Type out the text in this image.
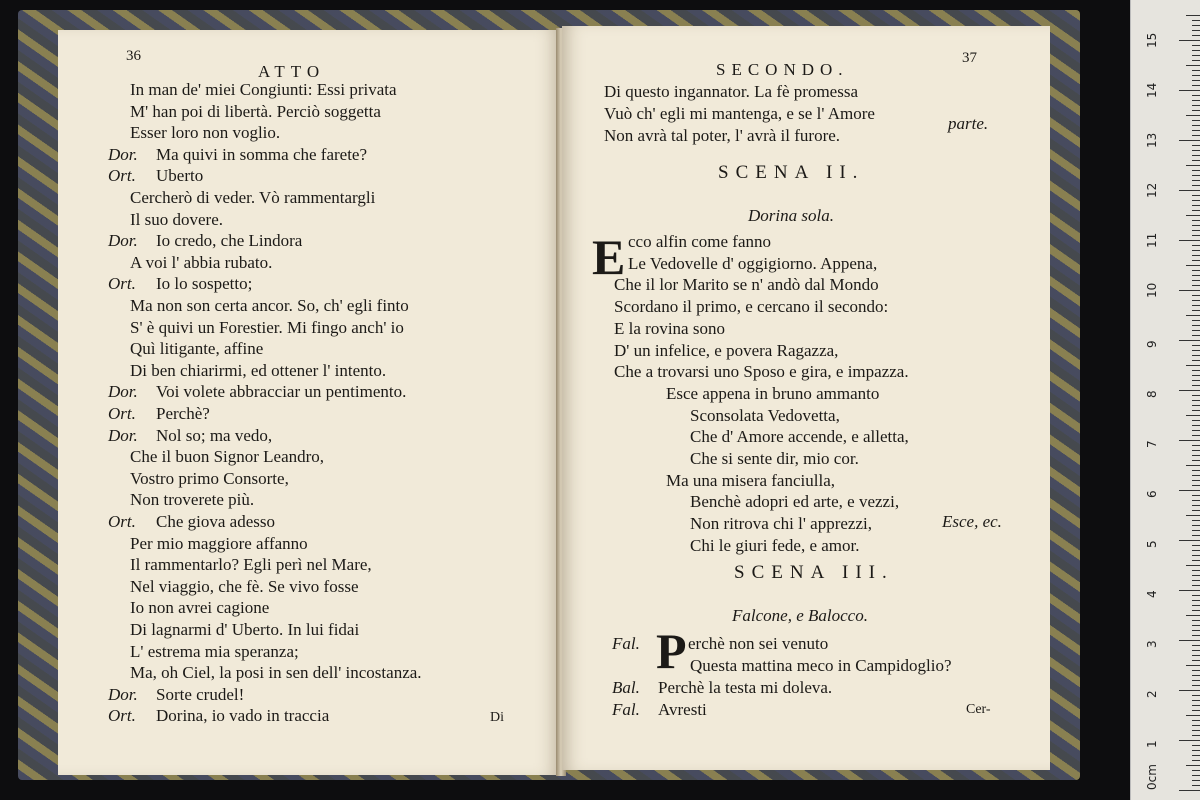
36
ATTO
In man de' miei Congiunti: Essi privata
M' han poi di libertà. Perciò soggetta
Esser loro non voglio.
Dor. Ma quivi in somma che farete?
Ort. Uberto
Cercherò di veder. Vò rammentargli
Il suo dovere.
Dor. Io credo, che Lindora
A voi l' abbia rubato.
Ort. Io lo sospetto;
Ma non son certa ancor. So, ch' egli finto
S' è quivi un Forestier. Mi fingo anch' io
Quì litigante, affine
Di ben chiarirmi, ed ottener l' intento.
Dor. Voi volete abbracciar un pentimento.
Ort. Perchè?
Dor. Nol so; ma vedo,
Che il buon Signor Leandro,
Vostro primo Consorte,
Non troverete più.
Ort. Che giova adesso
Per mio maggiore affanno
Il rammentarlo? Egli perì nel Mare,
Nel viaggio, che fè. Se vivo fosse
Io non avrei cagione
Di lagnarmi d' Uberto. In lui fidai
L' estrema mia speranza;
Ma, oh Ciel, la posi in sen dell' incostanza.
Dor. Sorte crudel!
Ort. Dorina, io vado in traccia	Di
SECONDO.
37
Di questo ingannator. La fè promessa
Vuò ch' egli mi mantenga, e se l' Amore
Non avrà tal poter, l' avrà il furore.
parte.
SCENA II.
Dorina sola.
E cco alfin come fanno
Le Vedovelle d' oggigiorno. Appena,
Che il lor Marito se n' andò dal Mondo
Scordano il primo, e cercano il secondo:
E la rovina sono
D' un infelice, e povera Ragazza,
Che a trovarsi uno Sposo e gira, e impazza.
Esce appena in bruno ammanto
Sconsolata Vedovetta,
Che d' Amore accende, e alletta,
Che si sente dir, mio cor.
Ma una misera fanciulla,
Benchè adopri ed arte, e vezzi,
Non ritrova chi l' apprezzi,
Chi le giuri fede, e amor.
Esce, ec.
SCENA III.
Falcone, e Balocco.
P
Fal.	erchè non sei venuto
Questa mattina meco in Campidoglio?
Bal. Perchè la testa mi doleva.
Fal. Avresti	Cer-
0cm
1
2
3
4
5
6
7
8
9
10
11
12
13
14
15
